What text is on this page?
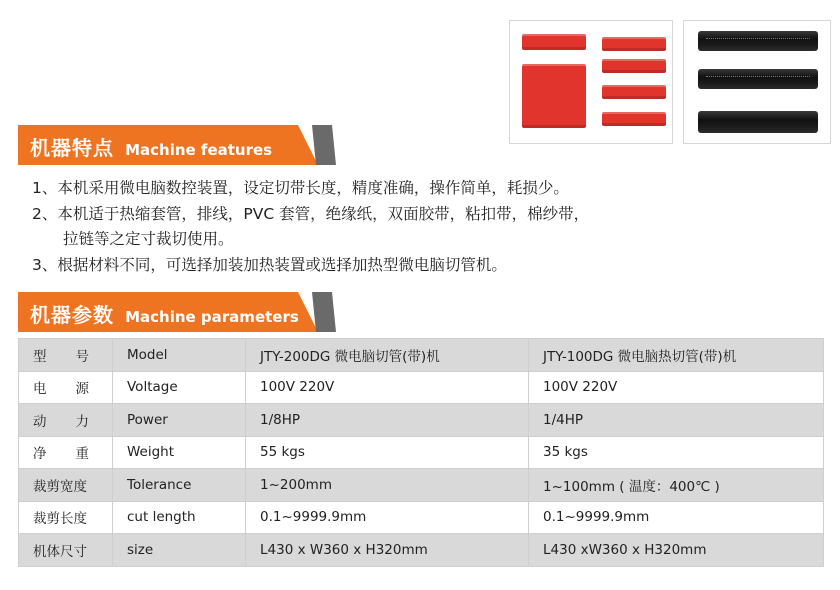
机器特点 Machine features
1、本机采用微电脑数控装置，设定切带长度，精度准确，操作简单，耗损少。
2、本机适于热缩套管，排线，PVC 套管，绝缘纸，双面胶带，粘扣带，棉纱带，
拉链等之定寸裁切使用。
3、根据材料不同，可选择加装加热装置或选择加热型微电脑切管机。
机器参数 Machine parameters
型号	Model	JTY-200DG 微电脑切管(带)机	JTY-100DG 微电脑热切管(带)机
电源	Voltage	100V 220V	100V 220V
动力	Power	1/8HP	1/4HP
净重	Weight	55 kgs	35 kgs
裁剪宽度	Tolerance	1~200mm	1~100mm ( 温度：400℃ )
裁剪长度	cut length	0.1~9999.9mm	0.1~9999.9mm
机体尺寸	size	L430 x W360 x H320mm	L430 xW360 x H320mm
